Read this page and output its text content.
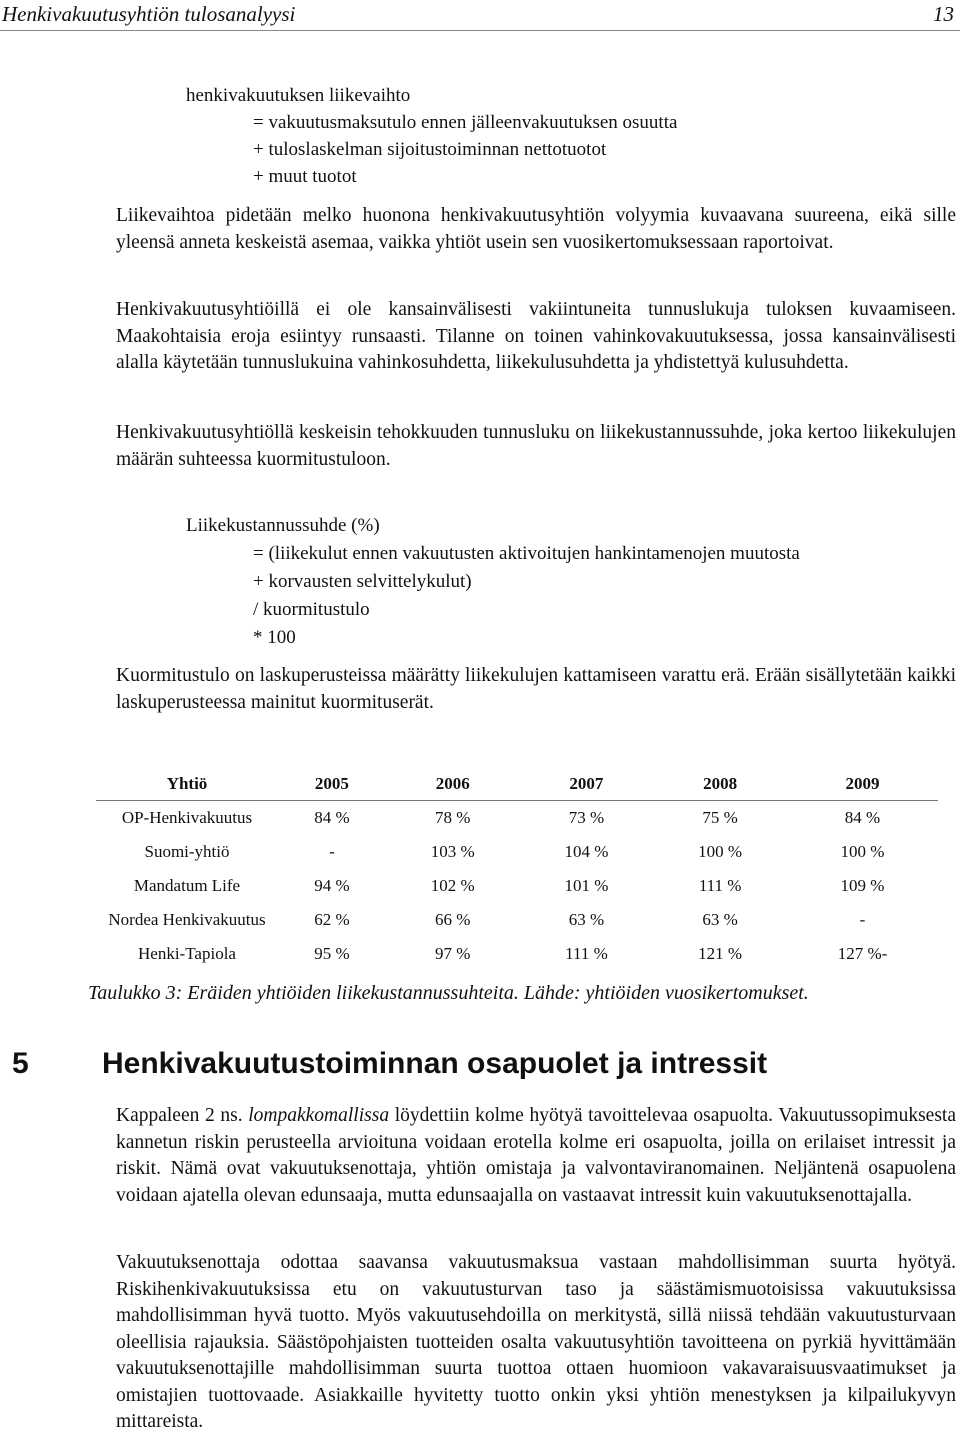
Henkivakuutusyhtiön tulosanalyysi	13
henkivakuutuksen liikevaihto
= vakuutusmaksutulo ennen jälleenvakuutuksen osuutta
+ tuloslaskelman sijoitustoiminnan nettotuotot
+ muut tuotot

Liikevaihtoa pidetään melko huonona henkivakuutusyhtiön volyymia kuvaavana suureena, eikä sille yleensä anneta keskeistä asemaa, vaikka yhtiöt usein sen vuosikertomuksessaan raportoivat.

Henkivakuutusyhtiöillä ei ole kansainvälisesti vakiintuneita tunnuslukuja tuloksen kuvaamiseen. Maakohtaisia eroja esiintyy runsaasti. Tilanne on toinen vahinkovakuutuksessa, jossa kansainvälisesti alalla käytetään tunnuslukuina vahinkosuhdetta, liikekulusuhdetta ja yhdistettyä kulusuhdetta.

Henkivakuutusyhtiöllä keskeisin tehokkuuden tunnusluku on liikekustannussuhde, joka kertoo liikekulujen määrän suhteessa kuormitustuloon.

Liikekustannussuhde (%)
= (liikekulut ennen vakuutusten aktivoitujen hankintamenojen muutosta
+ korvausten selvittelykulut)
/ kuormitustulo
* 100

Kuormitustulo on laskuperusteissa määrätty liikekulujen kattamiseen varattu erä. Erään sisällytetään kaikki laskuperusteessa mainitut kuormituserät.

Yhtiö	2005	2006	2007	2008	2009
OP-Henkivakuutus	84 %	78 %	73 %	75 %	84 %
Suomi-yhtiö	-	103 %	104 %	100 %	100 %
Mandatum Life	94 %	102 %	101 %	111 %	109 %
Nordea Henkivakuutus	62 %	66 %	63 %	63 %	-
Henki-Tapiola	95 %	97 %	111 %	121 %	127 %-
Taulukko 3: Eräiden yhtiöiden liikekustannussuhteita. Lähde: yhtiöiden vuosikertomukset.
5 Henkivakuutustoiminnan osapuolet ja intressit

Kappaleen 2 ns. lompakkomallissa löydettiin kolme hyötyä tavoittelevaa osapuolta. Vakuutussopimuksesta kannetun riskin perusteella arvioituna voidaan erotella kolme eri osapuolta, joilla on erilaiset intressit ja riskit. Nämä ovat vakuutuksenottaja, yhtiön omistaja ja valvontaviranomainen. Neljäntenä osapuolena voidaan ajatella olevan edunsaaja, mutta edunsaajalla on vastaavat intressit kuin vakuutuksenottajalla.

Vakuutuksenottaja odottaa saavansa vakuutusmaksua vastaan mahdollisimman suurta hyötyä. Riskihenkivakuutuksissa etu on vakuutusturvan taso ja säästämismuotoisissa vakuutuksissa mahdollisimman hyvä tuotto. Myös vakuutusehdoilla on merkitystä, sillä niissä tehdään vakuutusturvaan oleellisia rajauksia. Säästöpohjaisten tuotteiden osalta vakuutusyhtiön tavoitteena on pyrkiä hyvittämään vakuutuksenottajille mahdollisimman suurta tuottoa ottaen huomioon vakavaraisuusvaatimukset ja omistajien tuottovaade. Asiakkaille hyvitetty tuotto onkin yksi yhtiön menestyksen ja kilpailukyvyn mittareista.
